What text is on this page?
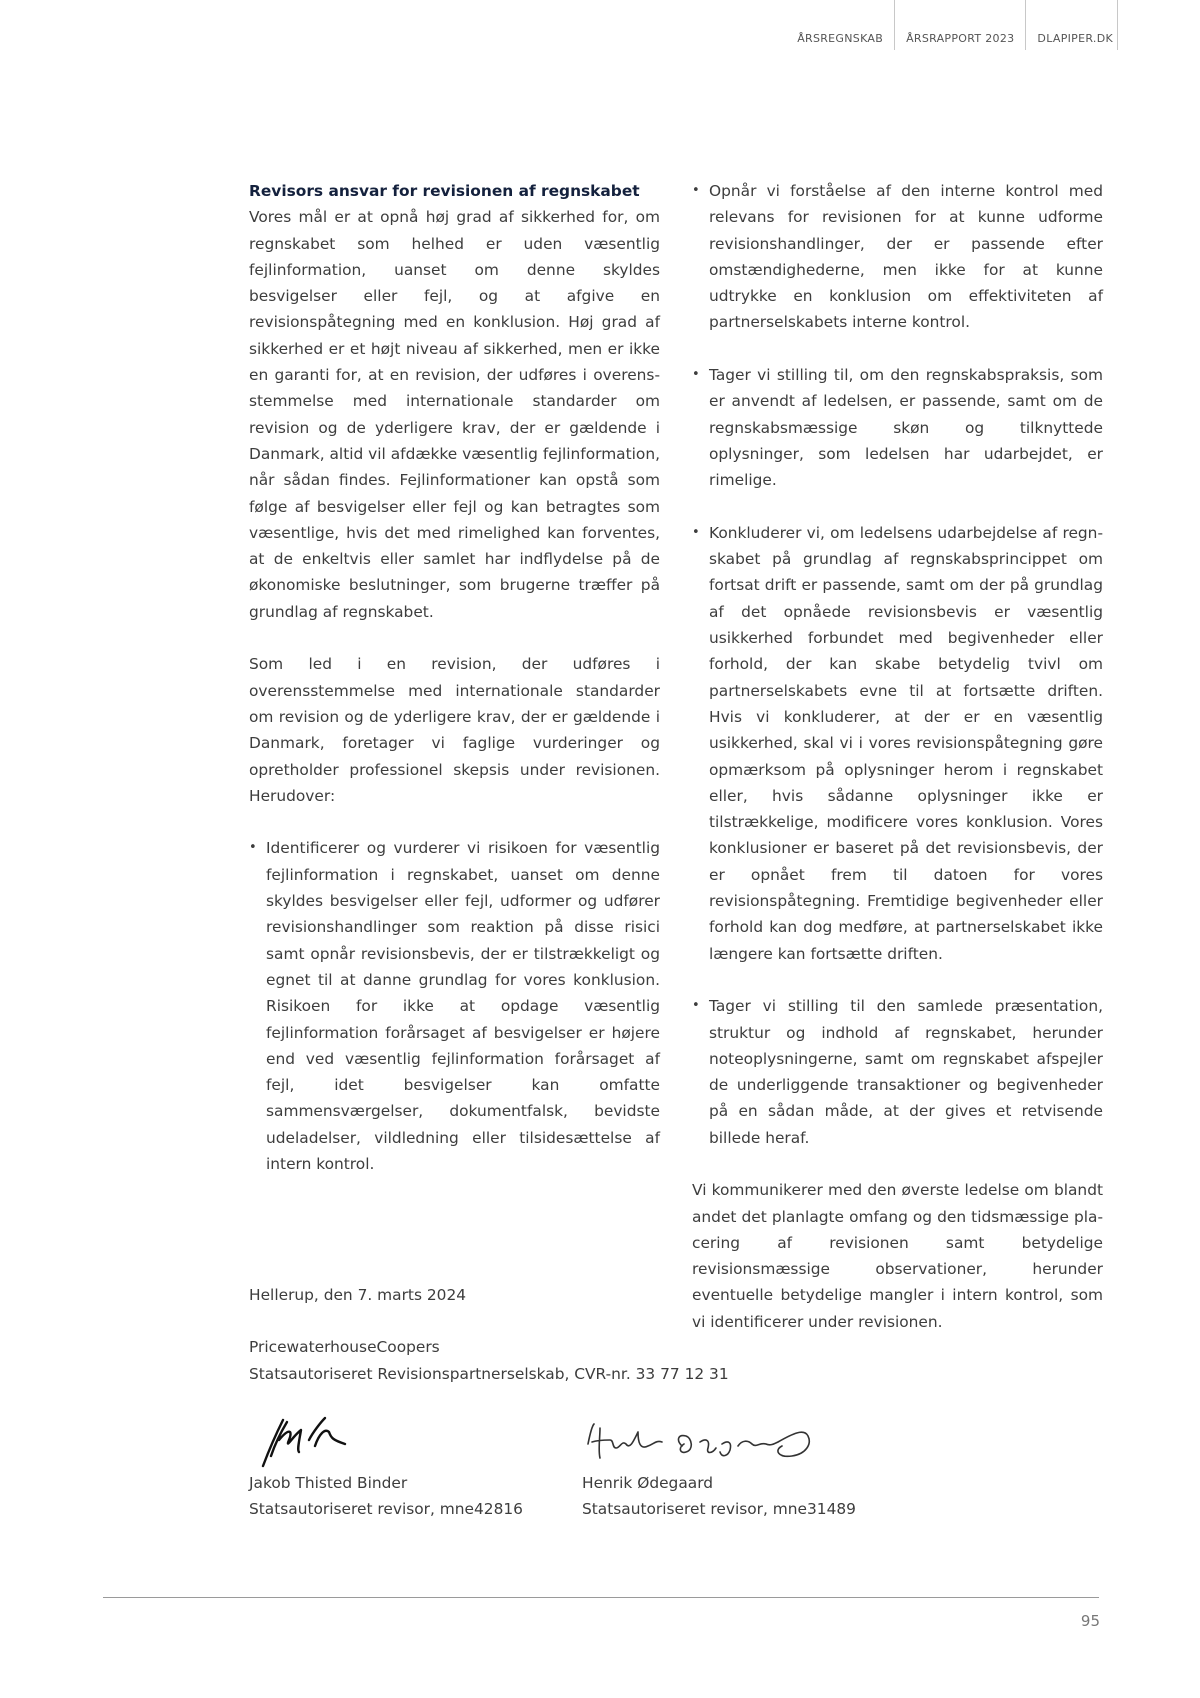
ÅRSREGNSKAB	ÅRSRAPPORT 2023	DLAPIPER.DK
Revisors ansvar for revisionen af regnskabet

Vores mål er at opnå høj grad af sikkerhed for, om regnskabet som helhed er uden væsentlig fejlinformation, uanset om denne skyldes besvigelser eller fejl, og at afgive en revisionspåtegning med en konklusion. Høj grad af sikkerhed er et højt niveau af sikkerhed, men er ikke en garanti for, at en revision, der udføres i overensstemmelse med internationale standarder om revision og de yderligere krav, der er gældende i Danmark, altid vil afdække væsentlig fejlinformation, når sådan findes. Fejlinformationer kan opstå som følge af besvigelser eller fejl og kan betragtes som væsentlige, hvis det med rimelighed kan forventes, at de enkeltvis eller samlet har indflydelse på de økonomiske beslutninger, som brugerne træffer på grundlag af regnskabet.

Som led i en revision, der udføres i overensstemmelse med internationale standarder om revision og de yderligere krav, der er gældende i Danmark, foretager vi faglige vurderinger og opretholder professionel skepsis under revisionen. Herudover:

• Identificerer og vurderer vi risikoen for væsentlig fejlinformation i regnskabet, uanset om denne skyldes besvigelser eller fejl, udformer og udfører revisionshandlinger som reaktion på disse risici samt opnår revisionsbevis, der er tilstrækkeligt og egnet til at danne grundlag for vores konklusion. Risikoen for ikke at opdage væsentlig fejlinformation forårsaget af besvigelser er højere end ved væsentlig fejlinformation forårsaget af fejl, idet besvigelser kan omfatte sammensværgelser, dokumentfalsk, bevidste udeladelser, vildledning eller tilsidesættelse af intern kontrol.

• Opnår vi forståelse af den interne kontrol med relevans for revisionen for at kunne udforme revisionshandlinger, der er passende efter omstændighederne, men ikke for at kunne udtrykke en konklusion om effektiviteten af partnerselskabets interne kontrol.

• Tager vi stilling til, om den regnskabspraksis, som er anvendt af ledelsen, er passende, samt om de regnskabsmæssige skøn og tilknyttede oplysninger, som ledelsen har udarbejdet, er rimelige.

• Konkluderer vi, om ledelsens udarbejdelse af regnskabet på grundlag af regnskabsprincippet om fortsat drift er passende, samt om der på grundlag af det opnåede revisionsbevis er væsentlig usikkerhed forbundet med begivenheder eller forhold, der kan skabe betydelig tvivl om partnerselskabets evne til at fortsætte driften. Hvis vi konkluderer, at der er en væsentlig usikkerhed, skal vi i vores revisionspåtegning gøre opmærksom på oplysninger herom i regnskabet eller, hvis sådanne oplysninger ikke er tilstrækkelige, modificere vores konklusion. Vores konklusioner er baseret på det revisionsbevis, der er opnået frem til datoen for vores revisionspåtegning. Fremtidige begivenheder eller forhold kan dog medføre, at partnerselskabet ikke længere kan fortsætte driften.

• Tager vi stilling til den samlede præsentation, struktur og indhold af regnskabet, herunder noteoplysningerne, samt om regnskabet afspejler de underliggende transaktioner og begivenheder på en sådan måde, at der gives et retvisende billede heraf.

Vi kommunikerer med den øverste ledelse om blandt andet det planlagte omfang og den tidsmæssige placering af revisionen samt betydelige revisionsmæssige observationer, herunder eventuelle betydelige mangler i intern kontrol, som vi identificerer under revisionen.

Hellerup, den 7. marts 2024

PricewaterhouseCoopers

Statsautoriseret Revisionspartnerselskab, CVR-nr. 33 77 12 31

Jakob Thisted Binder
Statsautoriseret revisor, mne42816
Henrik Ødegaard
Statsautoriseret revisor, mne31489
95
